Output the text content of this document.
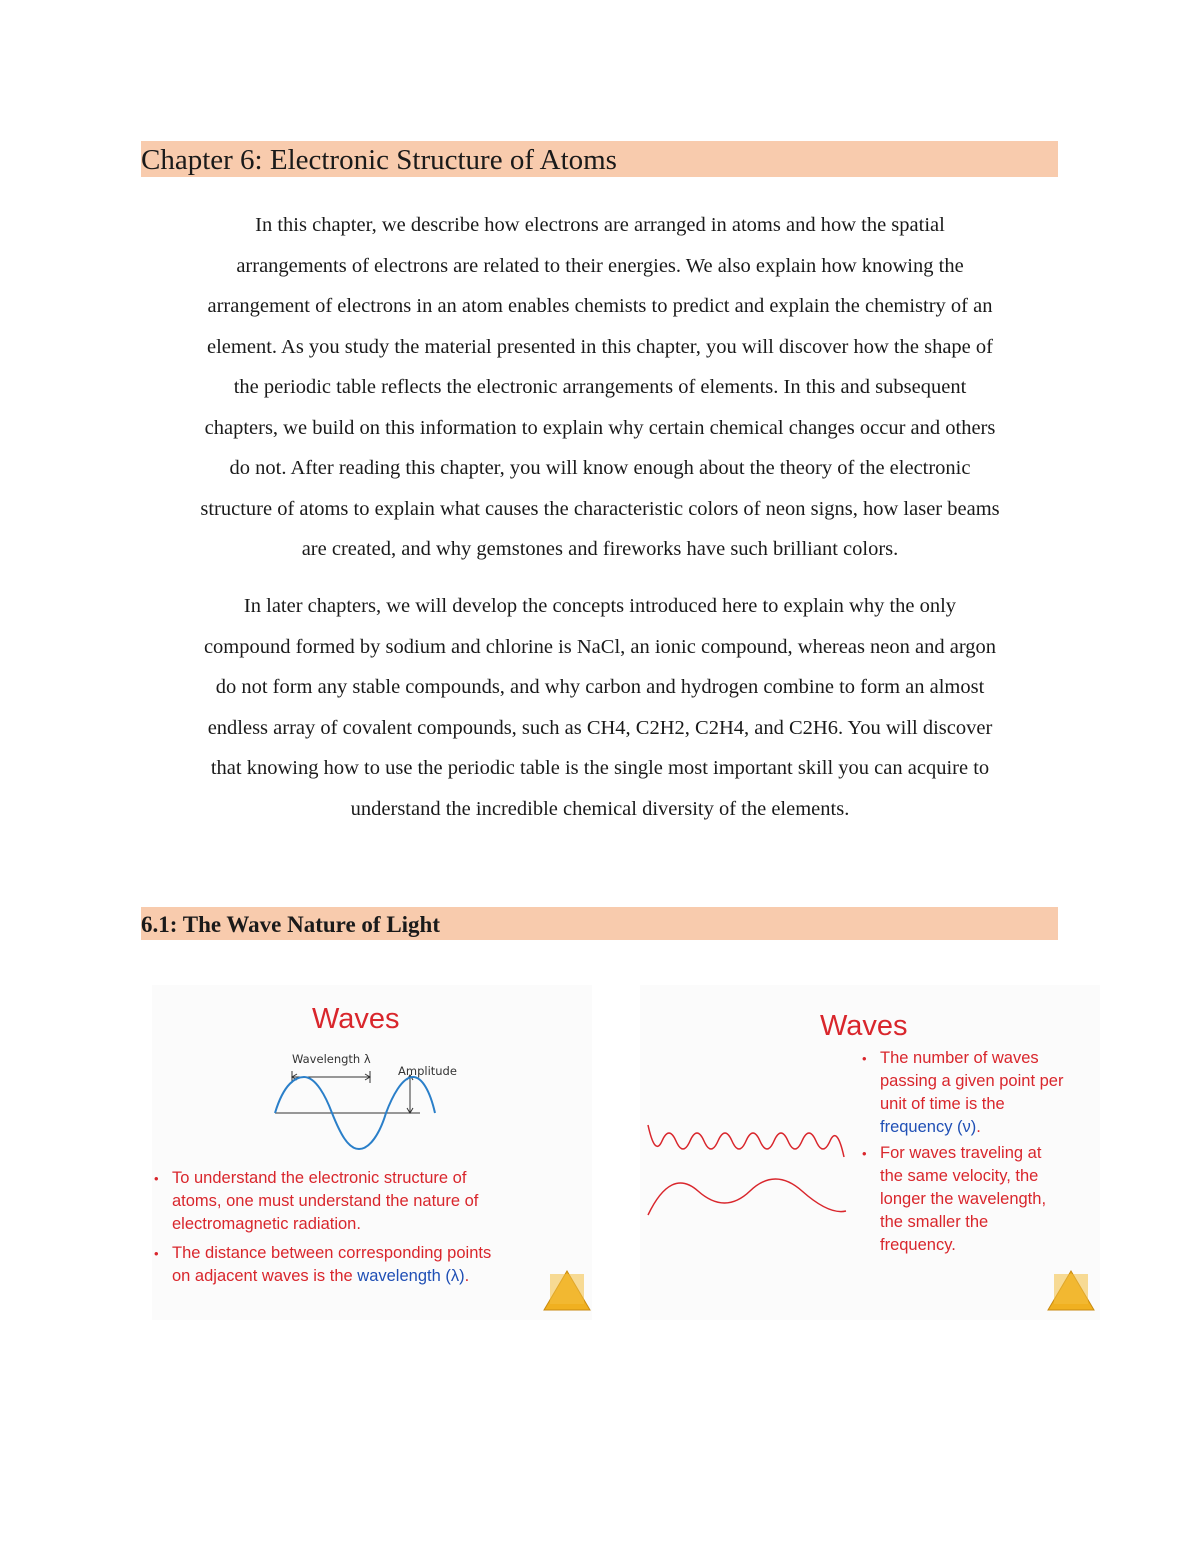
Chapter 6: Electronic Structure of Atoms
In this chapter, we describe how electrons are arranged in atoms and how the spatial
arrangements of electrons are related to their energies. We also explain how knowing the
arrangement of electrons in an atom enables chemists to predict and explain the chemistry of an
element. As you study the material presented in this chapter, you will discover how the shape of
the periodic table reflects the electronic arrangements of elements. In this and subsequent
chapters, we build on this information to explain why certain chemical changes occur and others
do not. After reading this chapter, you will know enough about the theory of the electronic
structure of atoms to explain what causes the characteristic colors of neon signs, how laser beams
are created, and why gemstones and fireworks have such brilliant colors.
In later chapters, we will develop the concepts introduced here to explain why the only
compound formed by sodium and chlorine is NaCl, an ionic compound, whereas neon and argon
do not form any stable compounds, and why carbon and hydrogen combine to form an almost
endless array of covalent compounds, such as CH4, C2H2, C2H4, and C2H6. You will discover
that knowing how to use the periodic table is the single most important skill you can acquire to
understand the incredible chemical diversity of the elements.
6.1: The Wave Nature of Light
Waves
Wavelength λ
Amplitude
• To understand the electronic structure of
atoms, one must understand the nature of
electromagnetic radiation.
• The distance between corresponding points
on adjacent waves is the wavelength (λ).
Waves
• The number of waves
passing a given point per
unit of time is the
frequency (ν).
• For waves traveling at
the same velocity, the
longer the wavelength,
the smaller the
frequency.
